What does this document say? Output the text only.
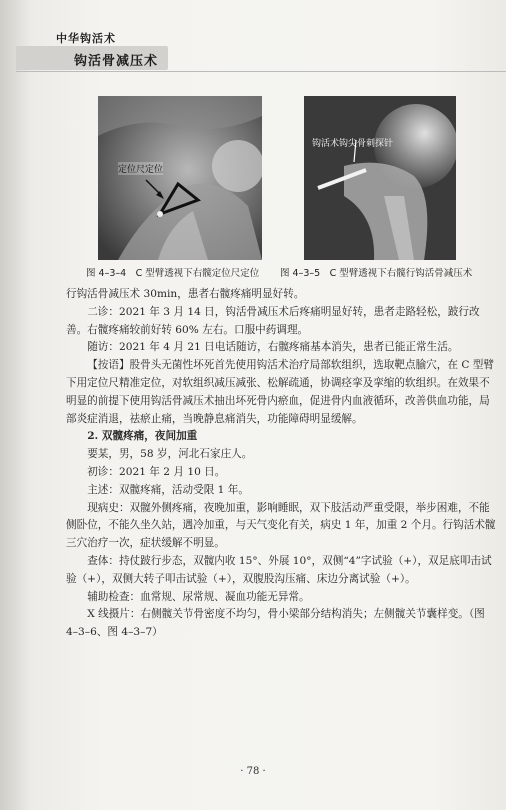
中华钩活术
钩活骨减压术
定位尺定位
钩活术钩尖骨刺探针
图 4–3–4　C 型臂透视下右髋定位尺定位 图 4–3–5　C 型臂透视下右髋行钩活骨减压术

行钩活骨减压术 30min，患者右髋疼痛明显好转。

二诊：2021 年 3 月 14 日，钩活骨减压术后疼痛明显好转，患者走路轻松，跛行改善。右髋疼痛较前好转 60% 左右。口服中药调理。

随访：2021 年 4 月 21 日电话随访，右髋疼痛基本消失，患者已能正常生活。

【按语】股骨头无菌性坏死首先使用钩活术治疗局部软组织，选取靶点腧穴，在 C 型臂下用定位尺精准定位，对软组织减压减张、松解疏通，协调痉挛及挛缩的软组织。在效果不明显的前提下使用钩活骨减压术抽出坏死骨内瘀血，促进骨内血液循环，改善供血功能，局部炎症消退，祛瘀止痛，当晚静息痛消失，功能障碍明显缓解。

2. 双髋疼痛，夜间加重

要某，男，58 岁，河北石家庄人。

初诊：2021 年 2 月 10 日。

主述：双髋疼痛，活动受限 1 年。

现病史：双髋外侧疼痛，夜晚加重，影响睡眠，双下肢活动严重受限，举步困难，不能侧卧位，不能久坐久站，遇冷加重，与天气变化有关，病史 1 年，加重 2 个月。行钩活术髋三穴治疗一次，症状缓解不明显。

查体：持仗跛行步态，双髋内收 15°、外展 10°，双侧“4”字试验（+），双足底叩击试验（+），双侧大转子叩击试验（+），双腹股沟压痛、床边分离试验（+）。

辅助检查：血常规、尿常规、凝血功能无异常。

X 线摄片：右侧髋关节骨密度不均匀，骨小梁部分结构消失；左侧髋关节囊样变。（图 4–3–6、图 4–3–7）

· 78 ·
